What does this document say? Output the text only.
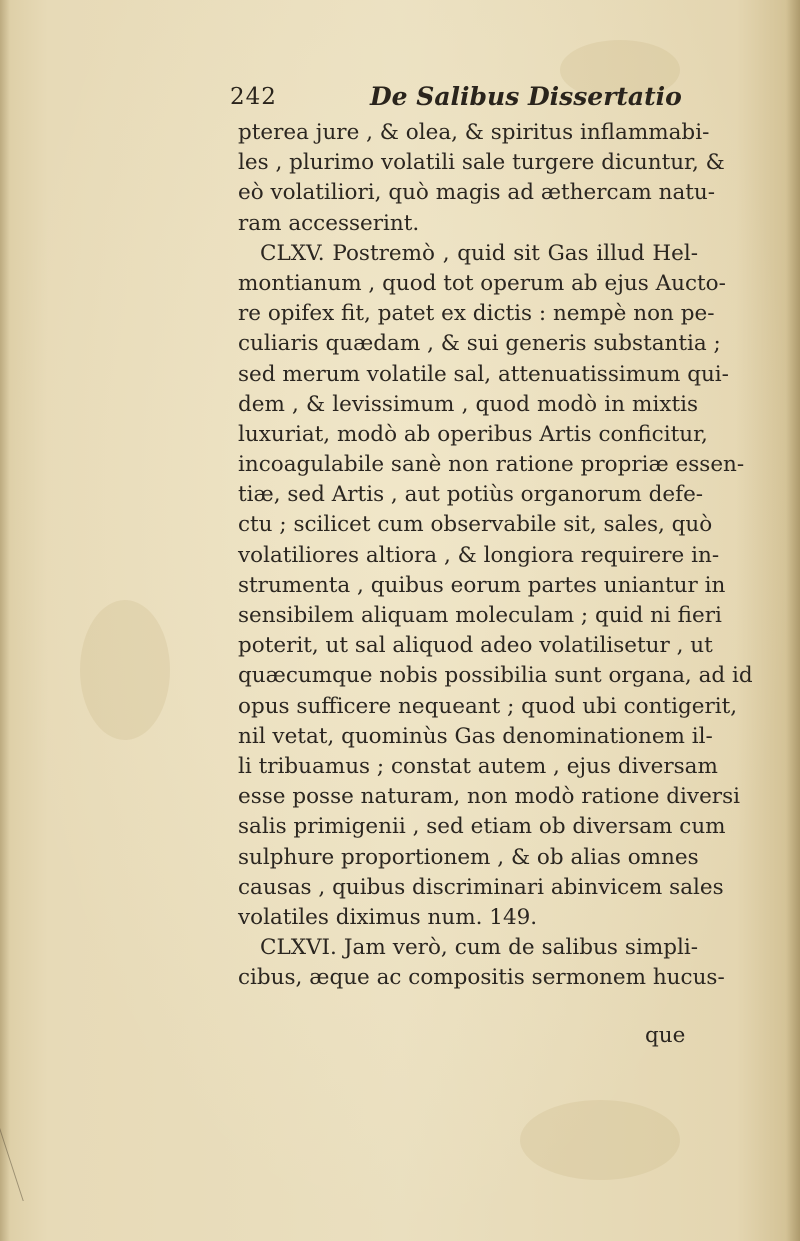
242	De Salibus Dissertatio
pterea jure , & olea, & spiritus inflammabi-
les , plurimo volatili sale turgere dicuntur, &
eò volatiliori, quò magis ad æthercam natu-
ram accesserint.
CLXV. Postremò , quid sit Gas illud Hel-
montianum , quod tot operum ab ejus Aucto-
re opifex fit, patet ex dictis : nempè non pe-
culiaris quædam , & sui generis substantia ;
sed merum volatile sal, attenuatissimum qui-
dem , & levissimum , quod modò in mixtis
luxuriat, modò ab operibus Artis conficitur,
incoagulabile sanè non ratione propriæ essen-
tiæ, sed Artis , aut potiùs organorum defe-
ctu ; scilicet cum observabile sit, sales, quò
volatiliores altiora , & longiora requirere in-
strumenta , quibus eorum partes uniantur in
sensibilem aliquam moleculam ; quid ni fieri
poterit, ut sal aliquod adeo volatilisetur , ut
quæcumque nobis possibilia sunt organa, ad id
opus sufficere nequeant ; quod ubi contigerit,
nil vetat, quominùs Gas denominationem il-
li tribuamus ; constat autem , ejus diversam
esse posse naturam, non modò ratione diversi
salis primigenii , sed etiam ob diversam cum
sulphure proportionem , & ob alias omnes
causas , quibus discriminari abinvicem sales
volatiles diximus num. 149.
CLXVI. Jam verò, cum de salibus simpli-
cibus, æque ac compositis sermonem hucus-
que
